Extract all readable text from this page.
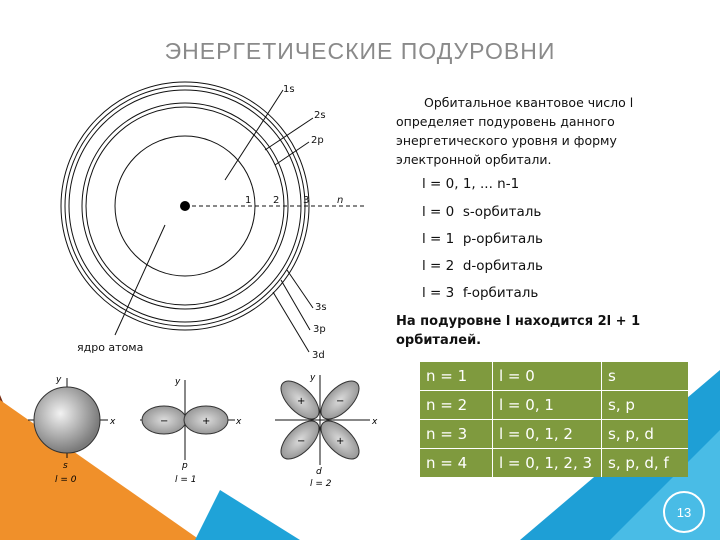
ЭНЕРГЕТИЧЕСКИЕ ПОДУРОВНИ
1s
2s
2p
3s
3p
3d
1 2 3	n
ядро атома
x
y
s
l = 0
−	+	x
y
p
l = 1
+	−
−	+
x
y
d
l = 2
Орбитальное квантовое число l
определяет подуровень данного энергетического уровня и форму электронной орбитали.
l = 0, 1, ... n-1
l = 0 s-орбиталь
l = 1 p-орбиталь
l = 2 d-орбиталь
l = 3 f-орбиталь
На подуровне l находится 2l + 1 орбиталей.
n = 1	l = 0	s
n = 2	l = 0, 1	s, p
n = 3	l = 0, 1, 2	s, p, d
n = 4	l = 0, 1, 2, 3	s, p, d, f
13
